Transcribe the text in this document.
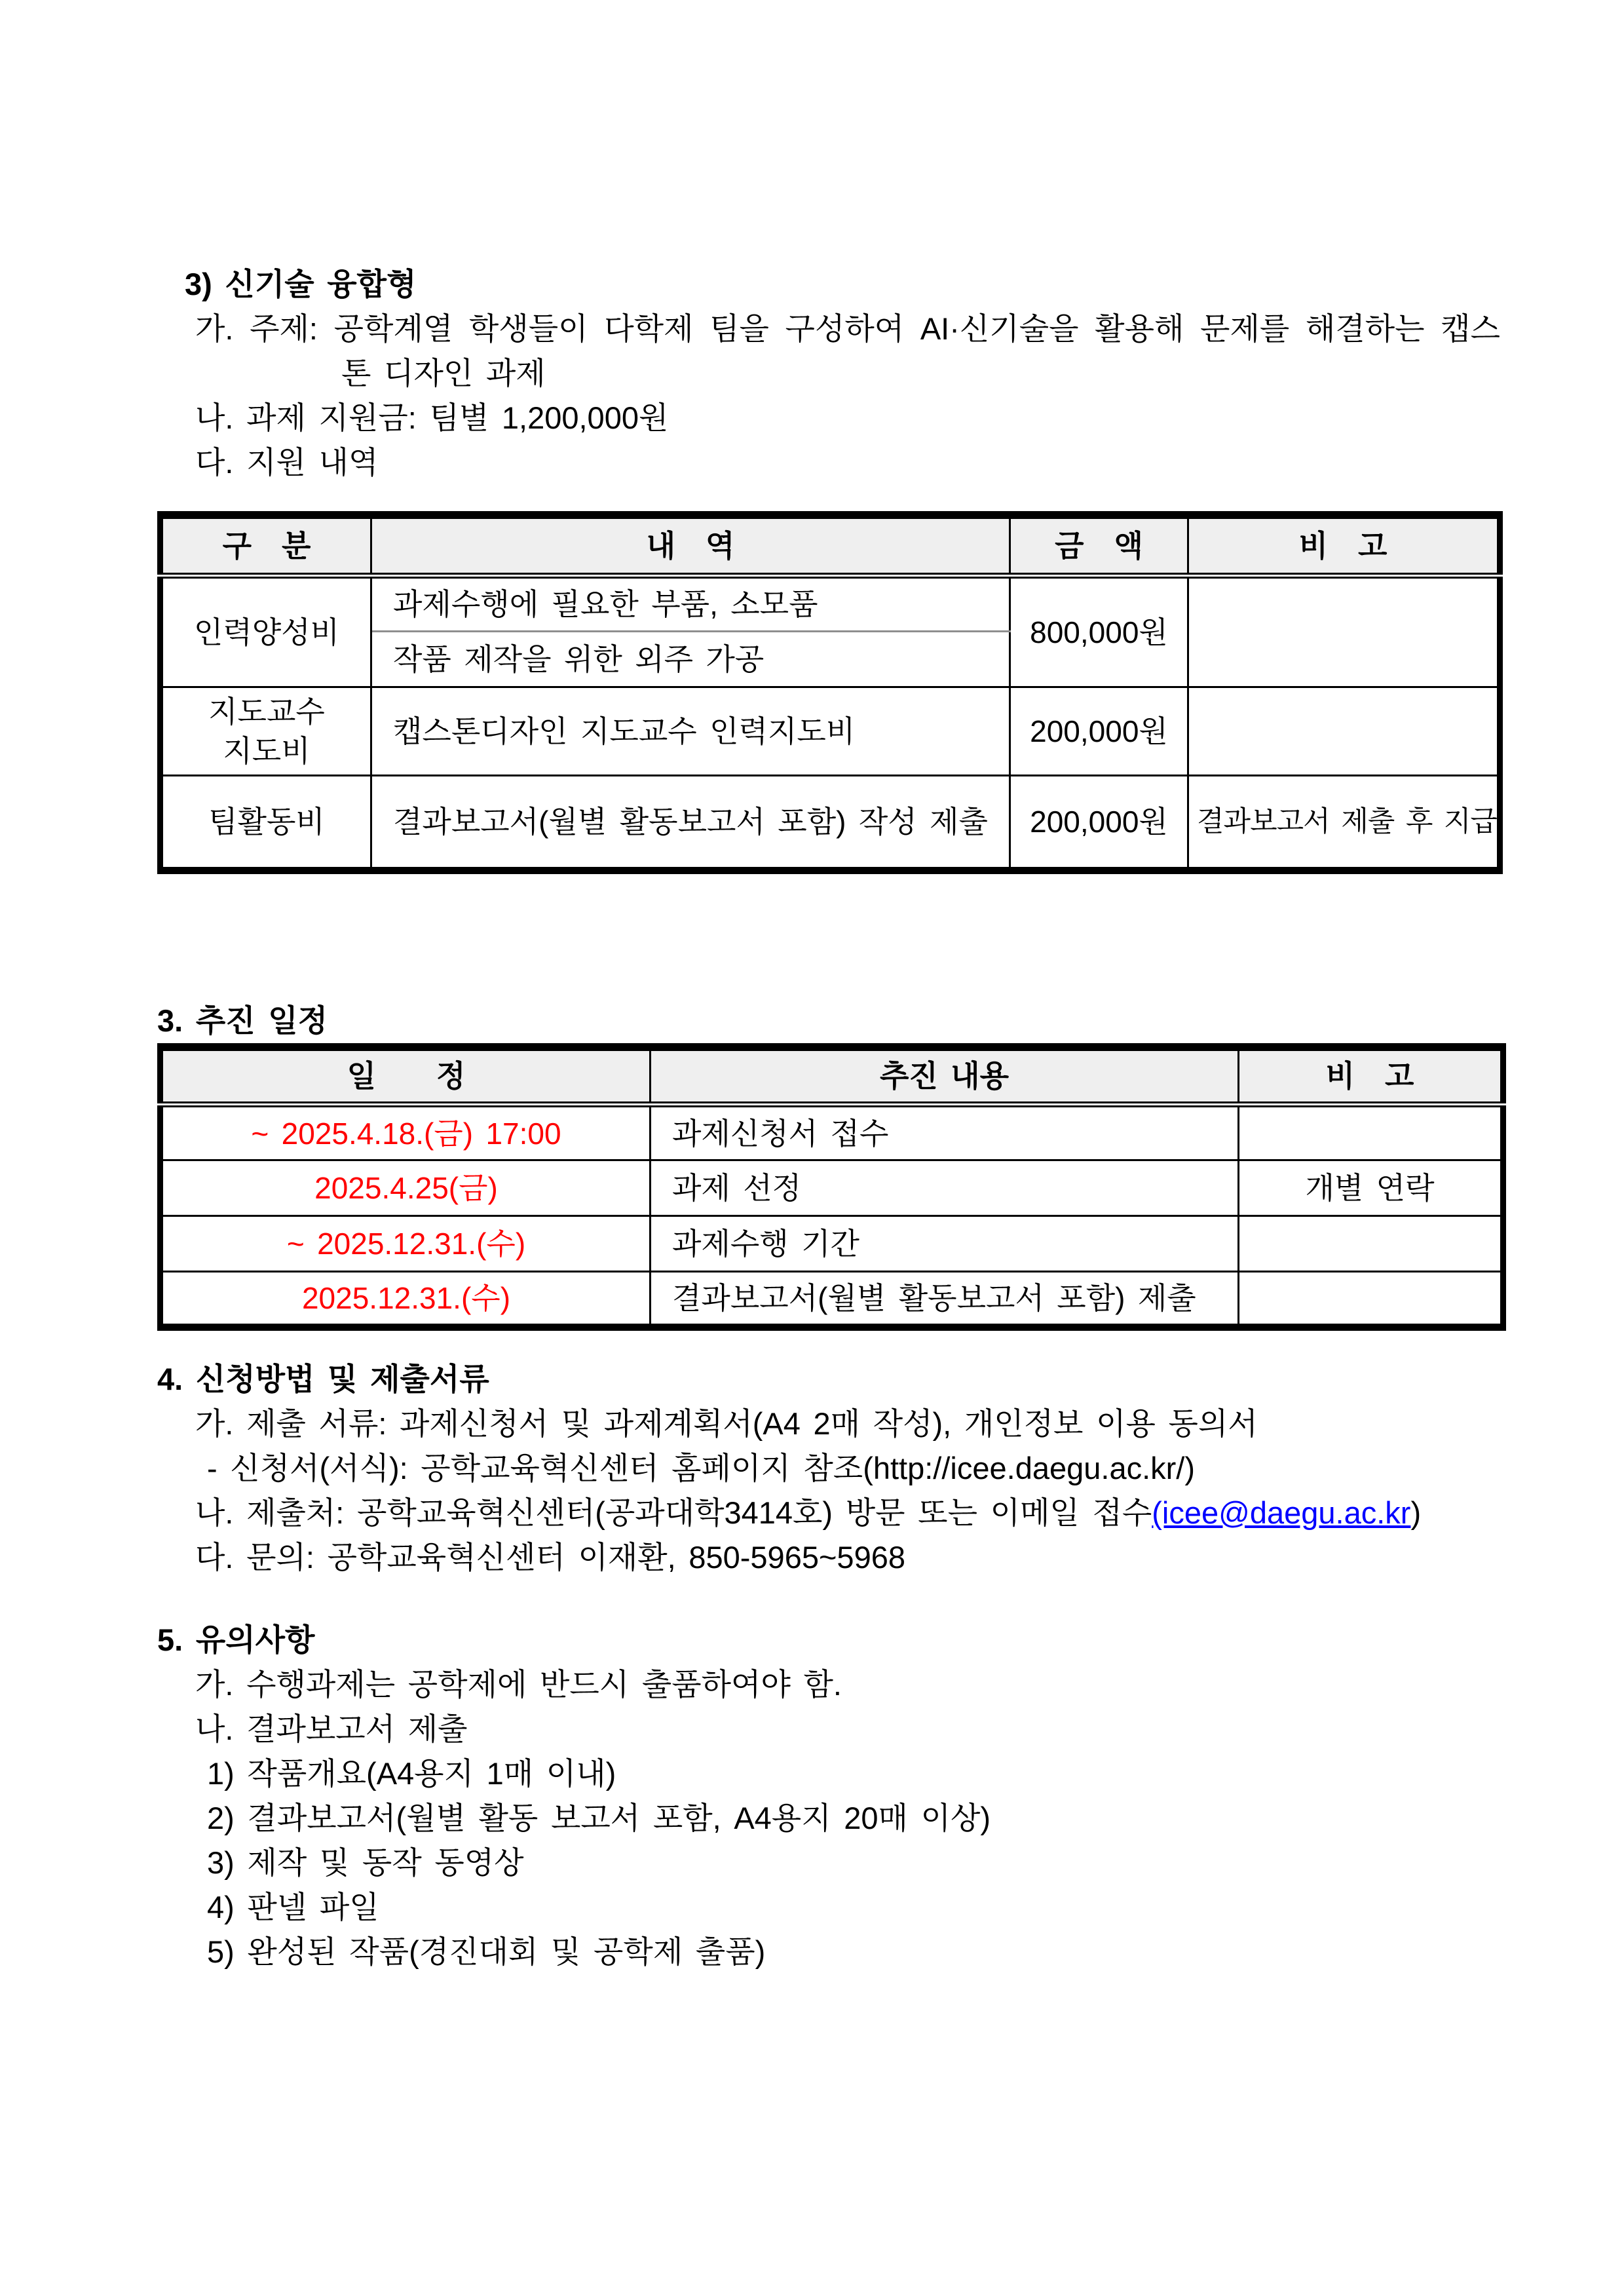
3) 신기술 융합형
가. 주제: 공학계열 학생들이 다학제 팀을 구성하여 AI·신기술을 활용해 문제를 해결하는 캡스
톤 디자인 과제
나. 과제 지원금: 팀별 1,200,000원
다. 지원 내역
구　분	내　역	금　액	비　고
인력양성비	과제수행에 필요한 부품, 소모품	800,000원	
	작품 제작을 위한 외주 가공		

지도교수
지도비	캡스톤디자인 지도교수 인력지도비	200,000원	
팀활동비	결과보고서(월별 활동보고서 포함) 작성 제출	200,000원	결과보고서 제출 후 지급
3. 추진 일정
일　　정	추진 내용	비　고
~ 2025.4.18.(금) 17:00	과제신청서 접수	
2025.4.25(금)	과제 선정	개별 연락
~ 2025.12.31.(수)	과제수행 기간	
2025.12.31.(수)	결과보고서(월별 활동보고서 포함) 제출	
4. 신청방법 및 제출서류
가. 제출 서류: 과제신청서 및 과제계획서(A4 2매 작성), 개인정보 이용 동의서
- 신청서(서식): 공학교육혁신센터 홈페이지 참조(http://icee.daegu.ac.kr/)
나. 제출처: 공학교육혁신센터(공과대학3414호) 방문 또는 이메일 접수(icee@daegu.ac.kr)
다. 문의: 공학교육혁신센터 이재환, 850-5965~5968
5. 유의사항
가. 수행과제는 공학제에 반드시 출품하여야 함.
나. 결과보고서 제출
1) 작품개요(A4용지 1매 이내)
2) 결과보고서(월별 활동 보고서 포함, A4용지 20매 이상)
3) 제작 및 동작 동영상
4) 판넬 파일
5) 완성된 작품(경진대회 및 공학제 출품)
